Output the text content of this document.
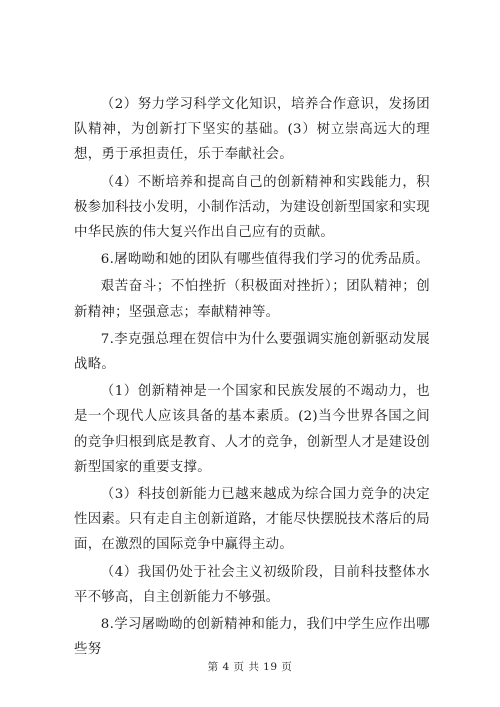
（2）努力学习科学文化知识，培养合作意识，发扬团队精神，为创新打下坚实的基础。(3）树立崇高远大的理想，勇于承担责任，乐于奉献社会。

（4）不断培养和提高自己的创新精神和实践能力，积极参加科技小发明，小制作活动，为建设创新型国家和实现中华民族的伟大复兴作出自己应有的贡献。

6.屠呦呦和她的团队有哪些值得我们学习的优秀品质。

艰苦奋斗；不怕挫折（积极面对挫折）；团队精神；创新精神；坚强意志；奉献精神等。

7.李克强总理在贺信中为什么要强调实施创新驱动发展战略。

（1）创新精神是一个国家和民族发展的不竭动力，也是一个现代人应该具备的基本素质。(2)当今世界各国之间的竞争归根到底是教育、人才的竞争，创新型人才是建设创新型国家的重要支撑。

（3）科技创新能力已越来越成为综合国力竞争的决定性因素。只有走自主创新道路，才能尽快摆脱技术落后的局面，在激烈的国际竞争中赢得主动。

（4）我国仍处于社会主义初级阶段，目前科技整体水平不够高，自主创新能力不够强。

8.学习屠呦呦的创新精神和能力，我们中学生应作出哪些努

第 4 页 共 19 页
